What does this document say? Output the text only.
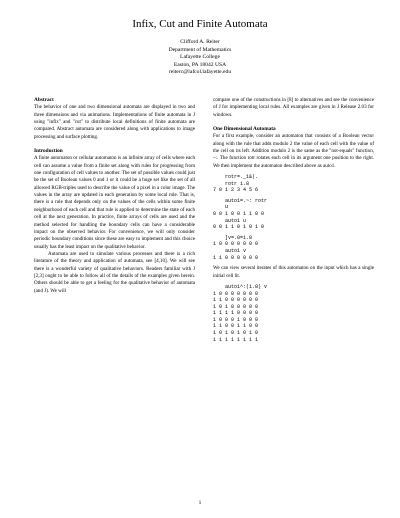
Infix, Cut and Finite Automata
Clifford A. Reiter
Department of Mathematics
Lafayette College
Easton, PA 18042 USA
reiterc@lafcol.lafayette.edu

Abstract

The behavior of one and two dimensional automata are displayed in two and three dimensions and via animations. Implementations of finite automata in J using "infix" and "cut" to distribute local definitions of finite automata are compared. Abstract automata are considered along with applications to image processing and surface plotting.

Introduction

A finite automaton or cellular automaton is an infinite array of cells where each cell can assume a value from a finite set along with rules for progressing from one configuration of cell values to another. The set of possible values could just be the set of Boolean values 0 and 1 or it could be a huge set like the set of all allowed RGB-triples used to describe the value of a pixel in a color image. The values in the array are updated in each generation by some local rule. That is, there is a rule that depends only on the values of the cells within some finite neighborhood of each cell and that rule is applied to determine the state of each cell at the next generation. In practice, finite arrays of cells are used and the method selected for handling the boundary cells can have a considerable impact on the observed behavior. For convenience, we will only consider periodic boundary conditions since these are easy to implement and this choice usually has the least impact on the qualitative behavior.

Automata are used to simulate various processes and there is a rich literature of the theory and application of automata, see [4,10]. We will see there is a wonderful variety of qualitative behaviors. Readers familiar with J [2,3] ought to be able to follow all of the details of the examples given herein. Others should be able to get a feeling for the qualitative behavior of automata (and J). We will

compare one of the constructions in [8] to alternatives and see the convenience of J for implementing local rules. All examples are given in J Release 2.03 for windows.

One Dimensional Automata

For a first example, consider an automaton that consists of a Boolean vector along with the rule that adds modulo 2 the value of each cell with the value of the cell on its left. Addition modulo 2 is the same as the "not-equals" function, ~:. The function rotr rotates each cell in its argument one position to the right. We then implement the automaton described above as auto1.

rotr=._1&|.
rotr i.8
7 0 1 2 3 4 5 6
auto1=.~: rotr
u
0 0 1 0 0 1 1 0 0
auto1 u
0 0 1 1 0 1 0 1 0
]v=.0=i.8
1 0 0 0 0 0 0 0
auto1 v
1 1 0 0 0 0 0 0

We can view several iterates of this automaton on the input which has a single initial cell lit.

auto1^:(i.8) v
1 0 0 0 0 0 0 0
1 1 0 0 0 0 0 0
1 0 1 0 0 0 0 0
1 1 1 1 0 0 0 0
1 0 0 0 1 0 0 0
1 1 0 0 1 1 0 0
1 0 1 0 1 0 1 0
1 1 1 1 1 1 1 1
1
